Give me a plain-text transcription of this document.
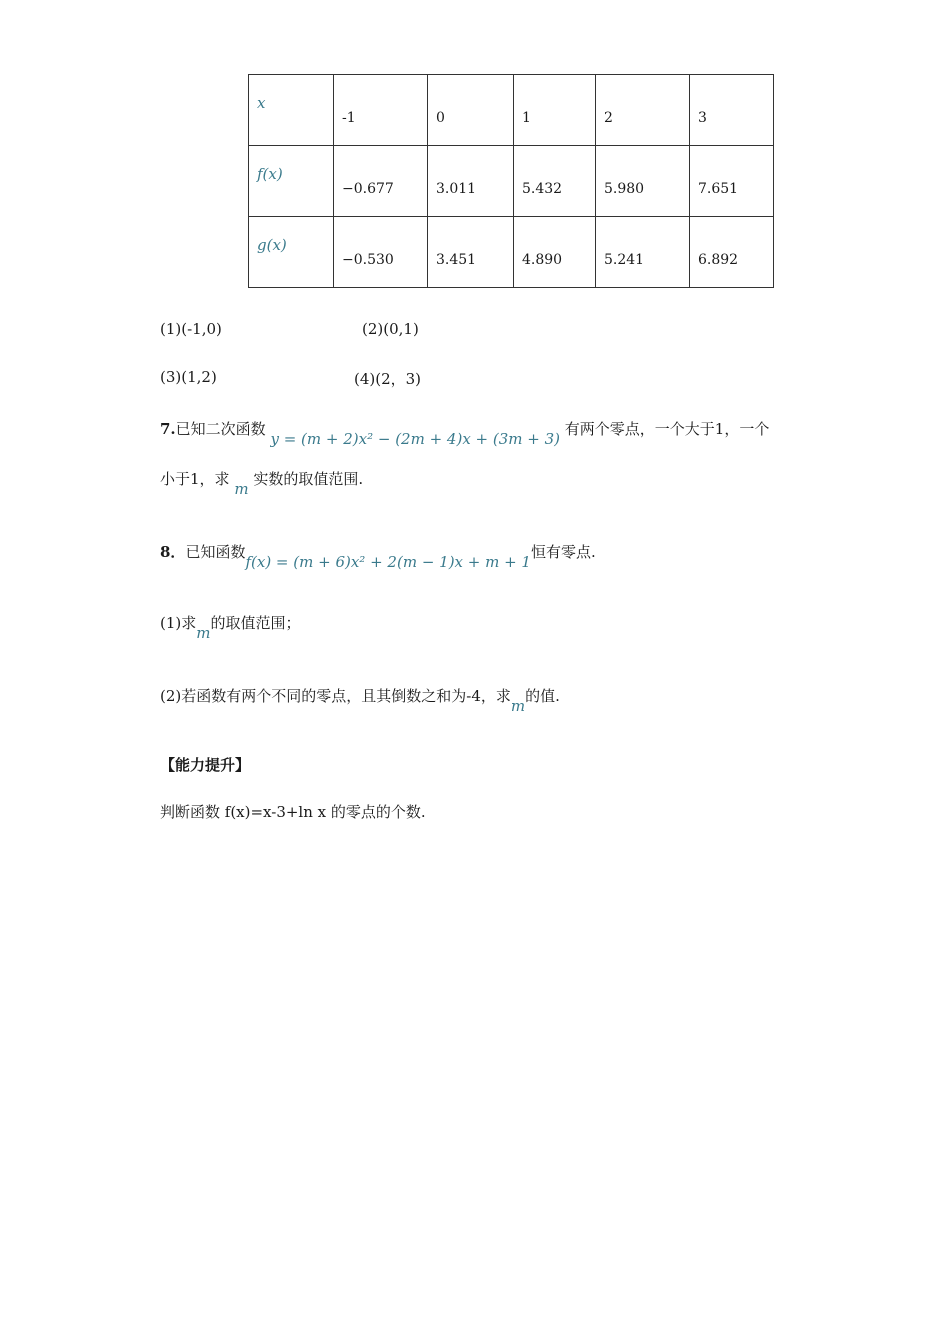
x	-1	0	1	2	3
f(x)	−0.677	3.011	5.432	5.980	7.651
g(x)	−0.530	3.451	4.890	5.241	6.892
(1)(-1,0)	(2)(0,1)
(3)(1,2)	(4)(2，3)
7.已知二次函数 y = (m + 2)x² − (2m + 4)x + (3m + 3) 有两个零点，一个大于1，一个
小于1，求 m 实数的取值范围.
8．已知函数f(x) = (m + 6)x² + 2(m − 1)x + m + 1恒有零点.
(1)求m的取值范围；
(2)若函数有两个不同的零点，且其倒数之和为-4，求m的值.
【能力提升】
判断函数 f(x)=x-3+ln x 的零点的个数.
